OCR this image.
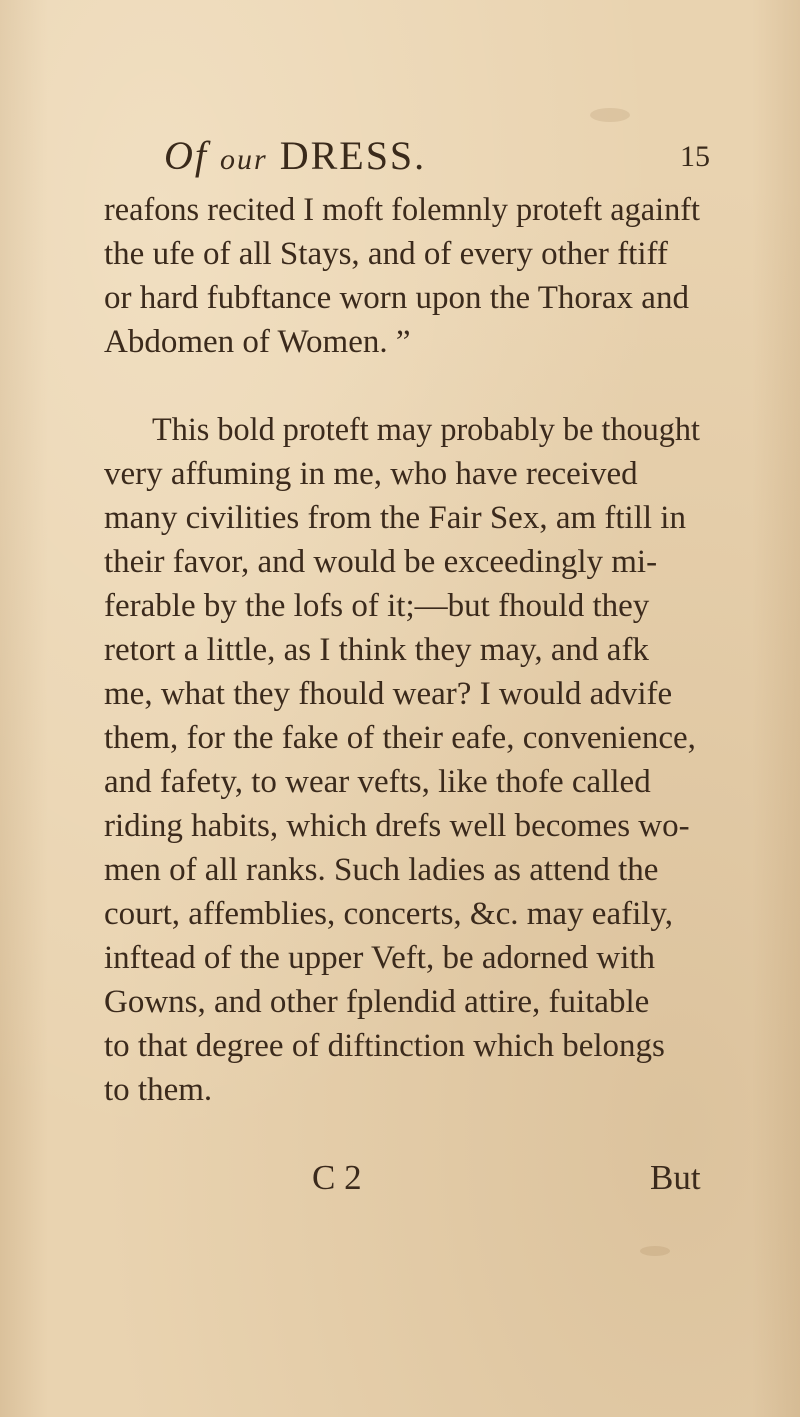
Of our DRESS.	15
reafons recited I moft folemnly proteft againft
the ufe of all Stays, and of every other ftiff
or hard fubftance worn upon the Thorax and
Abdomen of Women. ”
This bold proteft may probably be thought
very affuming in me, who have received
many civilities from the Fair Sex, am ftill in
their favor, and would be exceedingly mi-
ferable by the lofs of it;—but fhould they
retort a little, as I think they may, and afk
me, what they fhould wear? I would advife
them, for the fake of their eafe, convenience,
and fafety, to wear vefts, like thofe called
riding habits, which drefs well becomes wo-
men of all ranks. Such ladies as attend the
court, affemblies, concerts, &c. may eafily,
inftead of the upper Veft, be adorned with
Gowns, and other fplendid attire, fuitable
to that degree of diftinction which belongs
to them.
C 2	But
